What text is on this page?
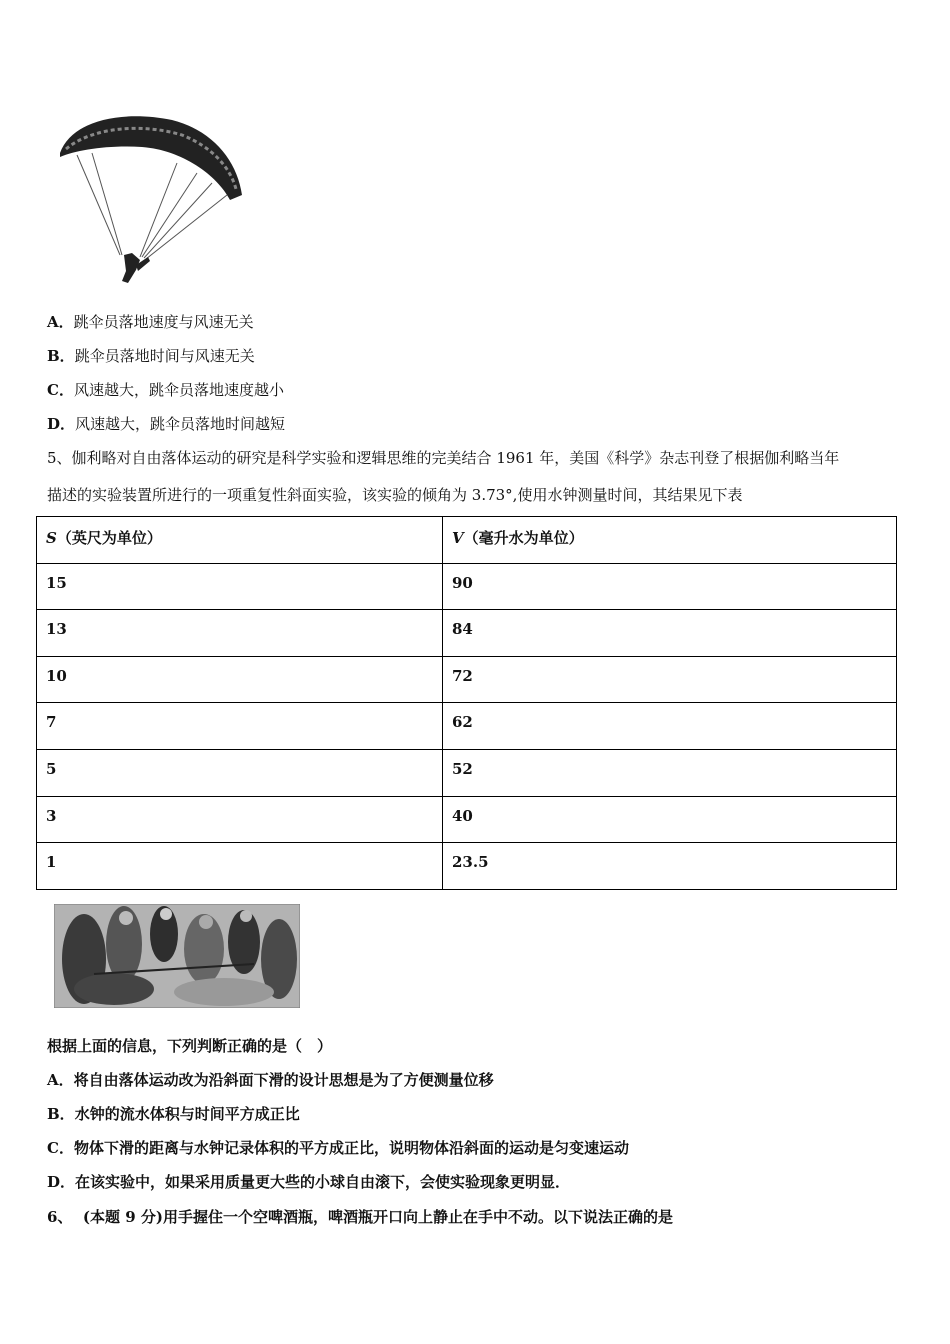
A．跳伞员落地速度与风速无关
B．跳伞员落地时间与风速无关
C．风速越大，跳伞员落地速度越小
D．风速越大，跳伞员落地时间越短
5、伽利略对自由落体运动的研究是科学实验和逻辑思维的完美结合 1961 年，美国《科学》杂志刊登了根据伽利略当年
描述的实验装置所进行的一项重复性斜面实验，该实验的倾角为 3.73°,使用水钟测量时间，其结果见下表
S（英尺为单位）	V（毫升水为单位）
15	90
13	84
10	72
7	62
5	52
3	40
1	23.5
根据上面的信息，下列判断正确的是（　）
A．将自由落体运动改为沿斜面下滑的设计思想是为了方便测量位移
B．水钟的流水体积与时间平方成正比
C．物体下滑的距离与水钟记录体积的平方成正比，说明物体沿斜面的运动是匀变速运动
D．在该实验中，如果采用质量更大些的小球自由滚下，会使实验现象更明显．
6、 (本题 9 分)用手握住一个空啤酒瓶，啤酒瓶开口向上静止在手中不动。以下说法正确的是
